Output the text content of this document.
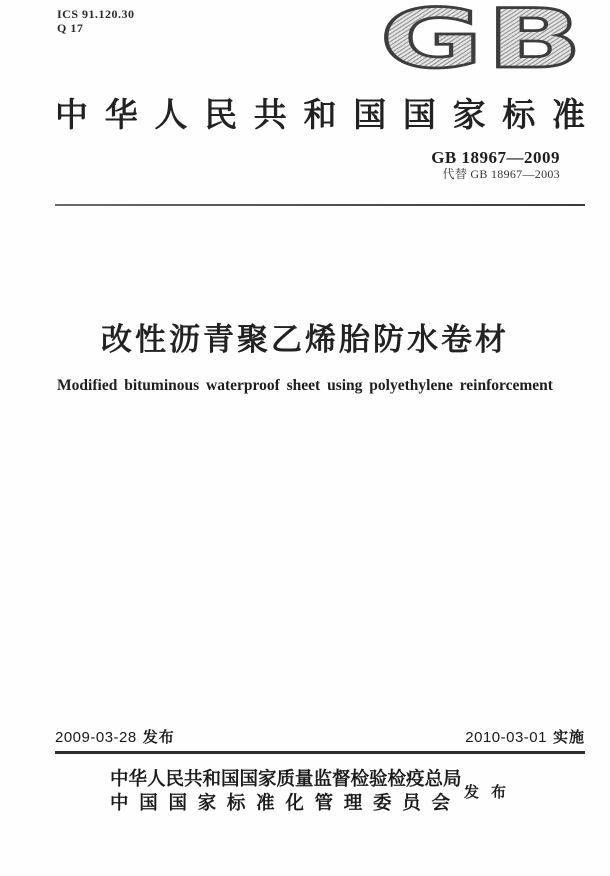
ICS 91.120.30
Q 17	GB
中华人民共和国国家标准
GB 18967—2009
代替 GB 18967—2003
改性沥青聚乙烯胎防水卷材
Modified bituminous waterproof sheet using polyethylene reinforcement
2009-03-28 发布	2010-03-01 实施
中华人民共和国国家质量监督检验检疫总局
中国国家标准化管理委员会 发布
